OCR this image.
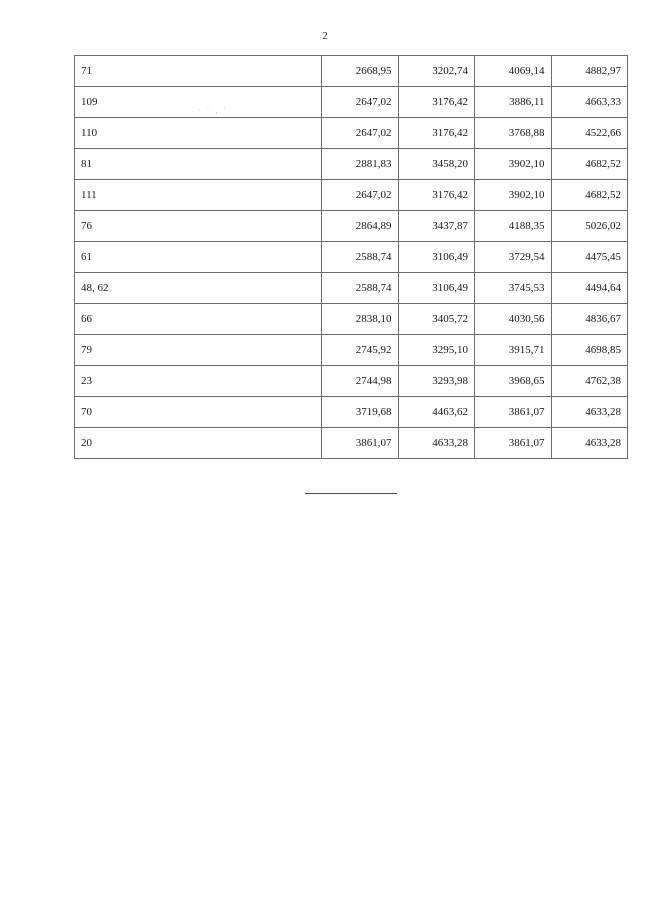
2
· ` , '
71	2668,95	3202,74	4069,14	4882,97
109	2647,02	3176,42	3886,11	4663,33
110	2647,02	3176,42	3768,88	4522,66
81	2881,83	3458,20	3902,10	4682,52
111	2647,02	3176,42	3902,10	4682,52
76	2864,89	3437,87	4188,35	5026,02
61	2588,74	3106,49	3729,54	4475,45
48, 62	2588,74	3106,49	3745,53	4494,64
66	2838,10	3405,72	4030,56	4836,67
79	2745,92	3295,10	3915,71	4698,85
23	2744,98	3293,98	3968,65	4762,38
70	3719,68	4463,62	3861,07	4633,28
20	3861,07	4633,28	3861,07	4633,28
